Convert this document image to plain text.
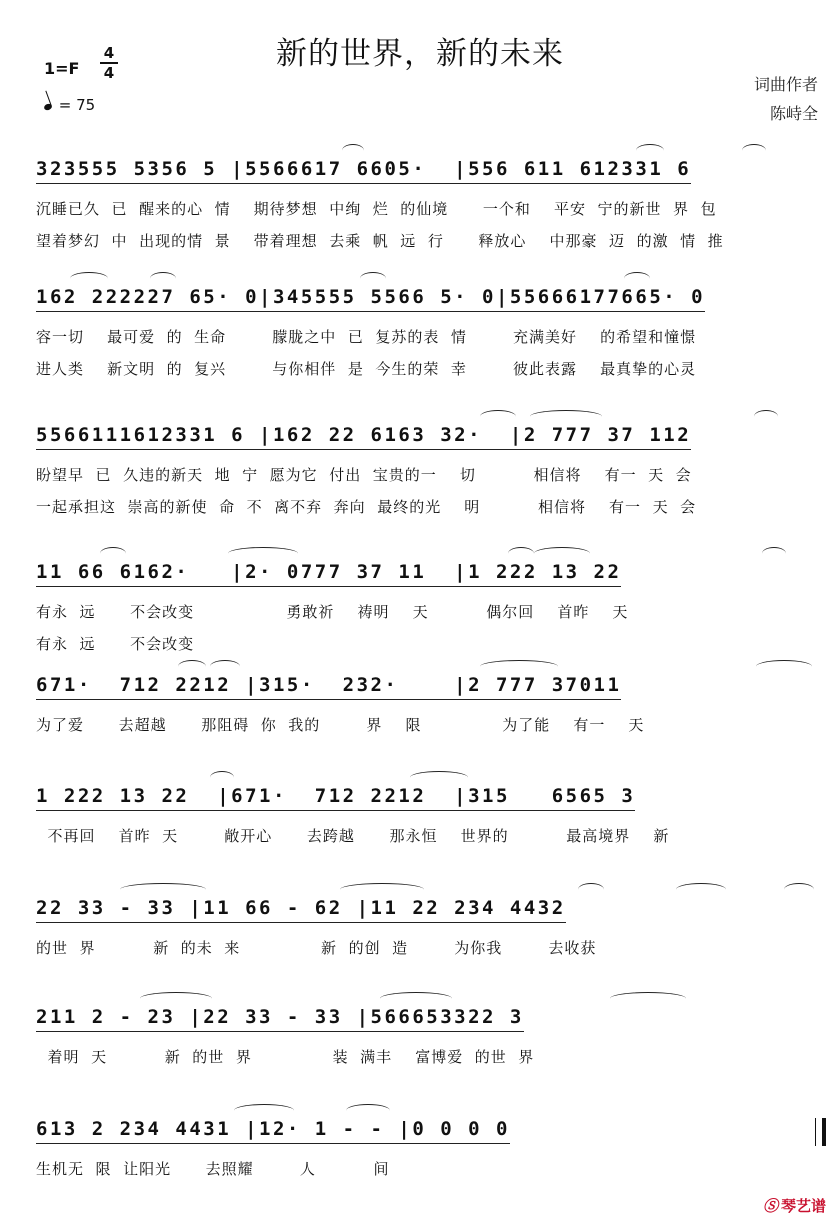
新的世界，新的未来
1=F
4
4
= 75
词曲作者
陈峙全
323555 5356 5 |5566617 6605·  |556 611 612331 6
沉睡已久  已  醒来的心  情    期待梦想  中绚  烂  的仙境      一个和    平安  宁的新世  界  包
望着梦幻  中  出现的情  景    带着理想  去乘  帆  远  行      释放心    中那豪  迈  的激  情  推
162 222227 65· 0|345555 5566 5· 0|55666177665· 0
容一切    最可爱  的  生命        朦胧之中  已  复苏的表  情        充满美好    的希望和憧憬
进人类    新文明  的  复兴        与你相伴  是  今生的荣  幸        彼此表露    最真挚的心灵
5566111612331 6 |162 22 6163 32·  |2 777 37 112
盼望早  已  久违的新天  地  宁  愿为它  付出  宝贵的一    切          相信将    有一  天  会
一起承担这  崇高的新使  命  不  离不弃  奔向  最终的光    明          相信将    有一  天  会
11 66 6162·   |2· 0777 37 11  |1 222 13 22
有永  远      不会改变                勇敢祈    祷明    天          偶尔回    首昨    天
有永  远      不会改变
671·  712 2212 |315·  232·    |2 777 37011
为了爱      去超越      那阻碍  你  我的        界    限              为了能    有一    天
1 222 13 22  |671·  712 2212  |315   6565 3
不再回    首昨  天        敞开心      去跨越      那永恒    世界的          最高境界    新
22 33 - 33 |11 66 - 62 |11 22 234 4432
的世  界          新  的未  来              新  的创  造        为你我        去收获
211 2 - 23 |22 33 - 33 |566653322 3
着明  天          新  的世  界              装  满丰    富博爱  的世  界
613 2 234 4431 |12· 1 - - |0 0 0 0
生机无  限  让阳光      去照耀        人          间
Ⓢ 琴艺谱
